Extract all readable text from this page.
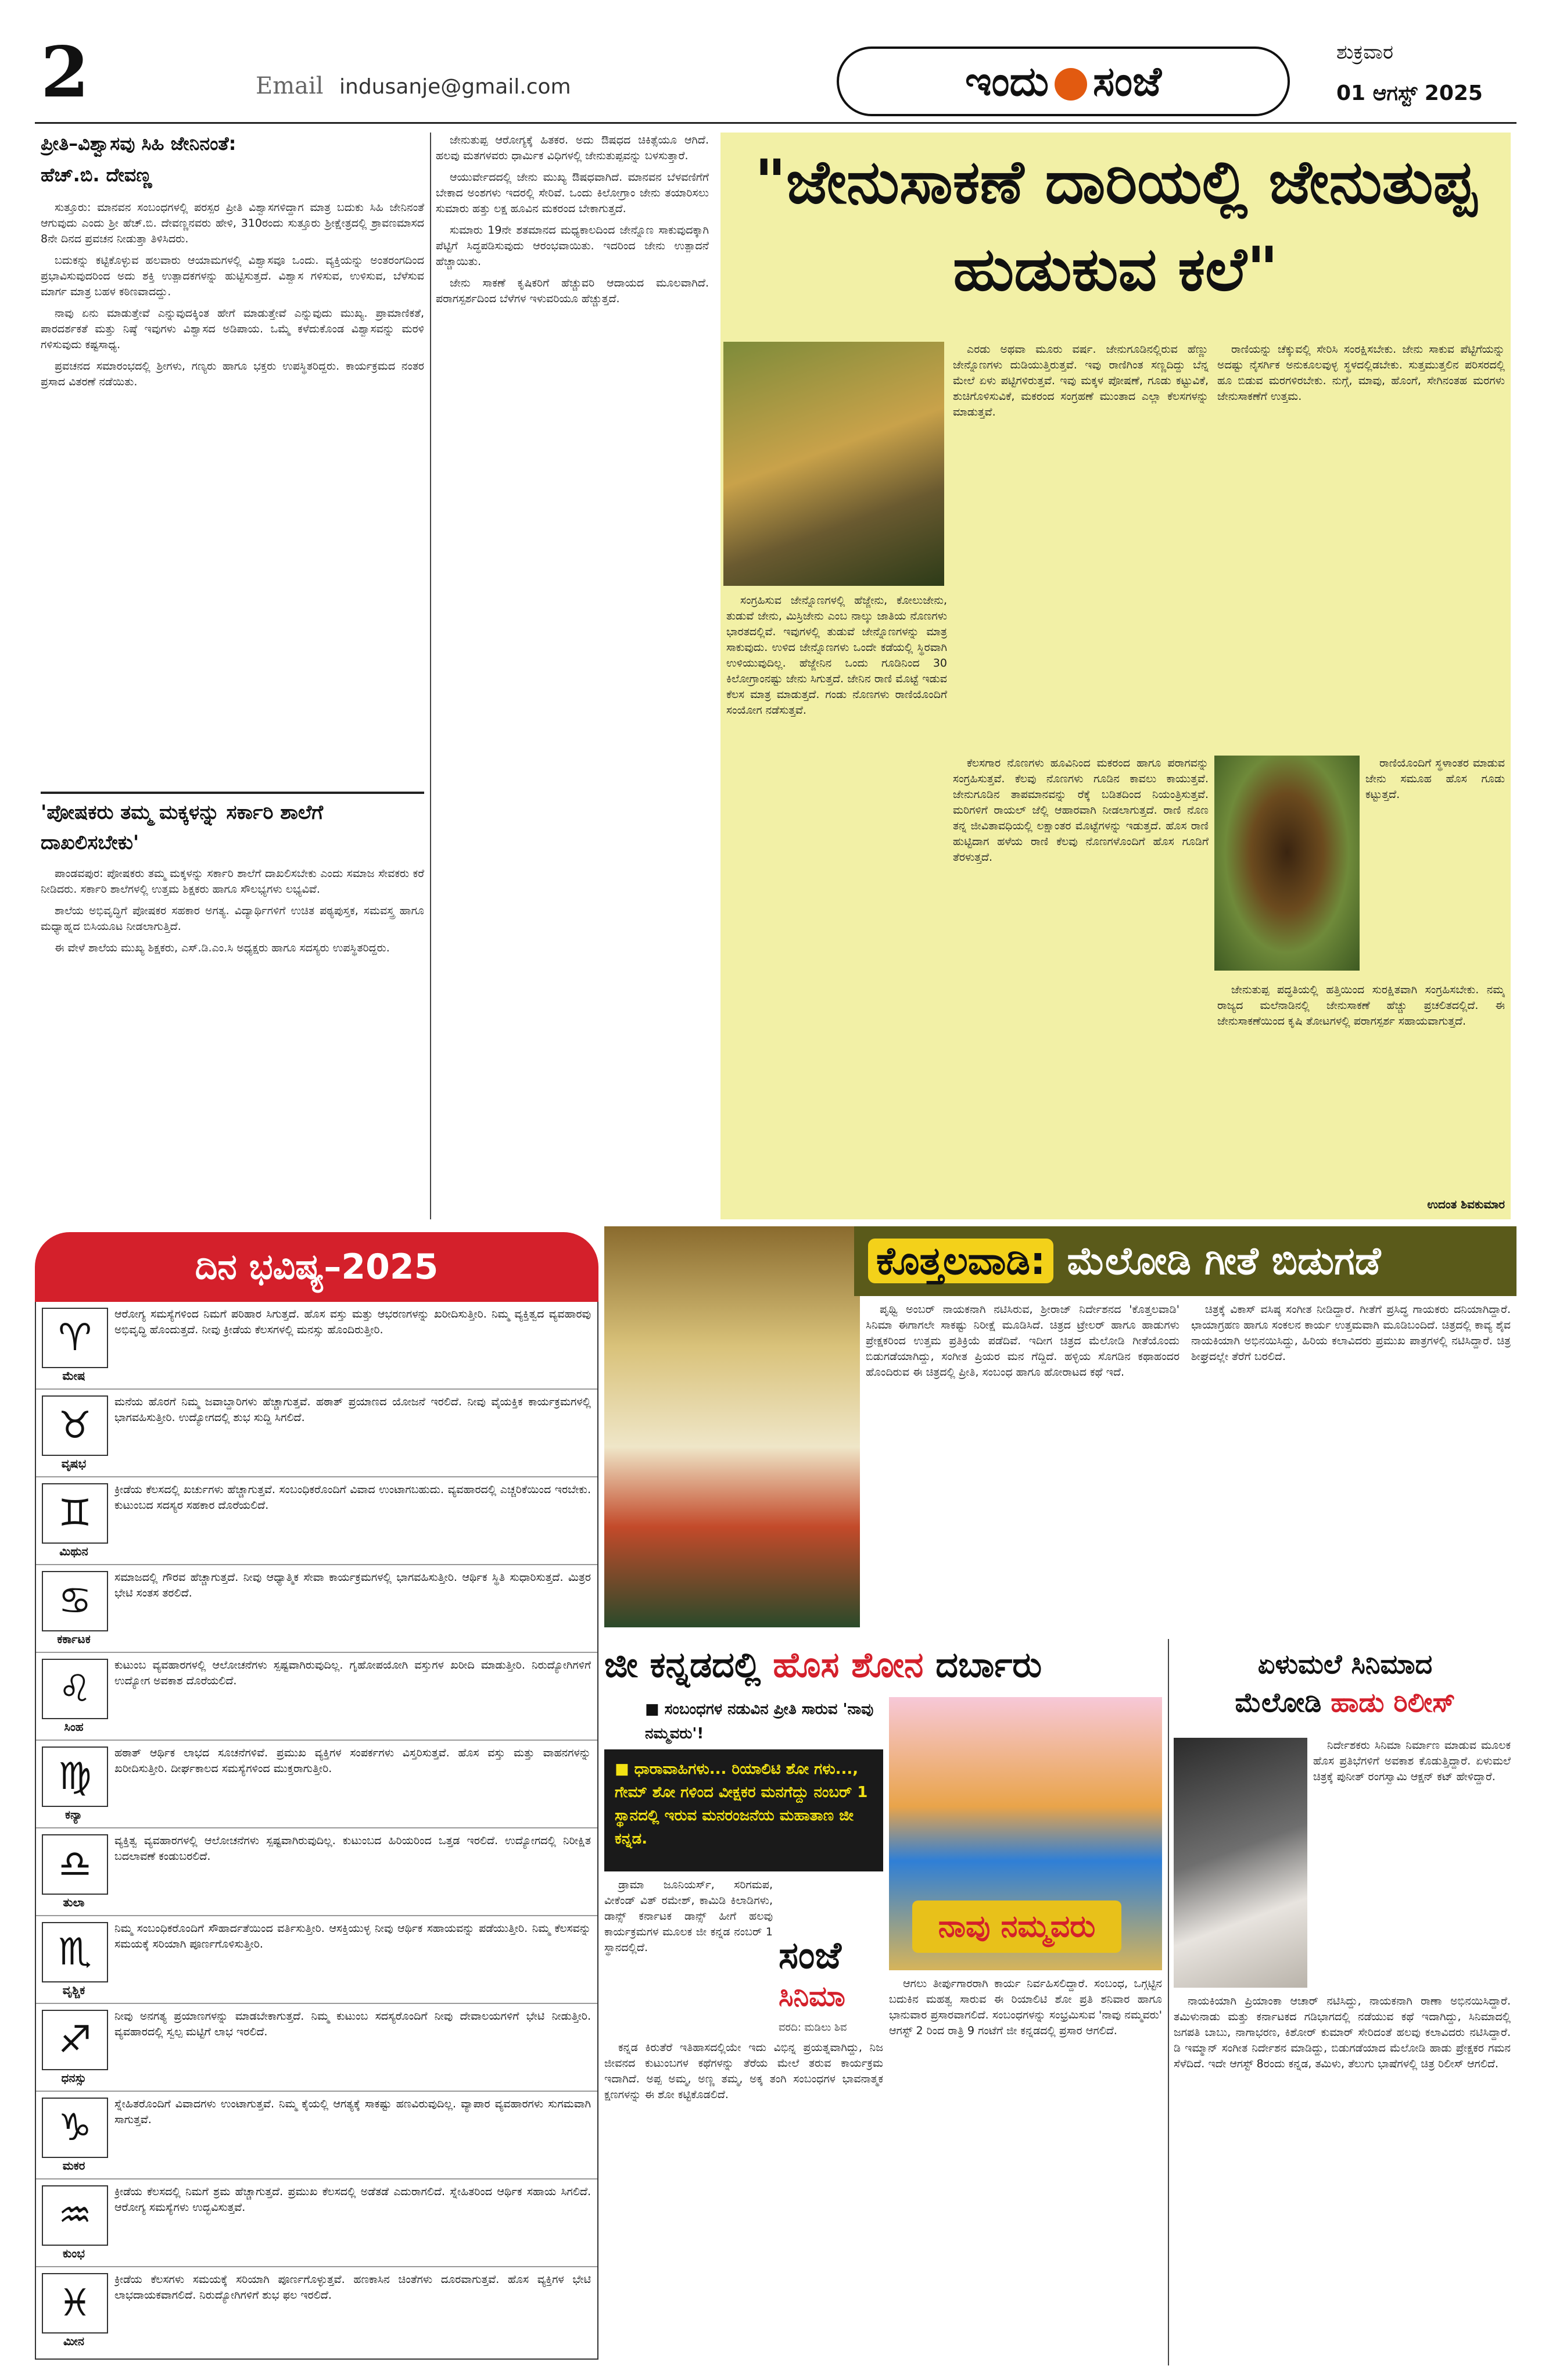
2	Email indusanje@gmail.com	ಇಂದು ಸಂಜೆ
ಶುಕ್ರವಾರ
01 ಆಗಸ್ಟ್ 2025
ಪ್ರೀತಿ–ವಿಶ್ವಾಸವು ಸಿಹಿ ಜೇನಿನಂತೆ:
ಹೆಚ್.ಬಿ. ದೇವಣ್ಣ

ಸುತ್ತೂರು: ಮಾನವನ ಸಂಬಂಧಗಳಲ್ಲಿ ಪರಸ್ಪರ ಪ್ರೀತಿ ವಿಶ್ವಾಸಗಳಿದ್ದಾಗ ಮಾತ್ರ ಬದುಕು ಸಿಹಿ ಜೇನಿನಂತೆ ಆಗುವುದು ಎಂದು ಶ್ರೀ ಹೆಚ್.ಬಿ. ದೇವಣ್ಣನವರು ಹೇಳಿ, 310ರಂದು ಸುತ್ತೂರು ಶ್ರೀಕ್ಷೇತ್ರದಲ್ಲಿ ಶ್ರಾವಣಮಾಸದ 8ನೇ ದಿನದ ಪ್ರವಚನ ನೀಡುತ್ತಾ ತಿಳಿಸಿದರು.

ಬದುಕನ್ನು ಕಟ್ಟಿಕೊಳ್ಳುವ ಹಲವಾರು ಆಯಾಮಗಳಲ್ಲಿ ವಿಶ್ವಾಸವೂ ಒಂದು. ವ್ಯಕ್ತಿಯನ್ನು ಅಂತರಂಗದಿಂದ ಪ್ರಭಾವಿಸುವುದರಿಂದ ಅದು ಶಕ್ತಿ ಉತ್ಪಾದಕಗಳನ್ನು ಹುಟ್ಟಿಸುತ್ತದೆ. ವಿಶ್ವಾಸ ಗಳಿಸುವ, ಉಳಿಸುವ, ಬೆಳೆಸುವ ಮಾರ್ಗ ಮಾತ್ರ ಬಹಳ ಕಠಿಣವಾದದ್ದು.

ನಾವು ಏನು ಮಾಡುತ್ತೇವೆ ಎನ್ನುವುದಕ್ಕಿಂತ ಹೇಗೆ ಮಾಡುತ್ತೇವೆ ಎನ್ನುವುದು ಮುಖ್ಯ. ಪ್ರಾಮಾಣಿಕತೆ, ಪಾರದರ್ಶಕತೆ ಮತ್ತು ನಿಷ್ಠೆ ಇವುಗಳು ವಿಶ್ವಾಸದ ಅಡಿಪಾಯ. ಒಮ್ಮೆ ಕಳೆದುಕೊಂಡ ವಿಶ್ವಾಸವನ್ನು ಮರಳಿ ಗಳಿಸುವುದು ಕಷ್ಟಸಾಧ್ಯ.

ಪ್ರವಚನದ ಸಮಾರಂಭದಲ್ಲಿ ಶ್ರೀಗಳು, ಗಣ್ಯರು ಹಾಗೂ ಭಕ್ತರು ಉಪಸ್ಥಿತರಿದ್ದರು. ಕಾರ್ಯಕ್ರಮದ ನಂತರ ಪ್ರಸಾದ ವಿತರಣೆ ನಡೆಯಿತು.

'ಪೋಷಕರು ತಮ್ಮ ಮಕ್ಕಳನ್ನು ಸರ್ಕಾರಿ ಶಾಲೆಗೆ ದಾಖಲಿಸಬೇಕು'

ಪಾಂಡವಪುರ: ಪೋಷಕರು ತಮ್ಮ ಮಕ್ಕಳನ್ನು ಸರ್ಕಾರಿ ಶಾಲೆಗೆ ದಾಖಲಿಸಬೇಕು ಎಂದು ಸಮಾಜ ಸೇವಕರು ಕರೆ ನೀಡಿದರು. ಸರ್ಕಾರಿ ಶಾಲೆಗಳಲ್ಲಿ ಉತ್ತಮ ಶಿಕ್ಷಕರು ಹಾಗೂ ಸೌಲಭ್ಯಗಳು ಲಭ್ಯವಿವೆ.

ಶಾಲೆಯ ಅಭಿವೃದ್ಧಿಗೆ ಪೋಷಕರ ಸಹಕಾರ ಅಗತ್ಯ. ವಿದ್ಯಾರ್ಥಿಗಳಿಗೆ ಉಚಿತ ಪಠ್ಯಪುಸ್ತಕ, ಸಮವಸ್ತ್ರ ಹಾಗೂ ಮಧ್ಯಾಹ್ನದ ಬಿಸಿಯೂಟ ನೀಡಲಾಗುತ್ತಿದೆ.

ಈ ವೇಳೆ ಶಾಲೆಯ ಮುಖ್ಯ ಶಿಕ್ಷಕರು, ಎಸ್.ಡಿ.ಎಂ.ಸಿ ಅಧ್ಯಕ್ಷರು ಹಾಗೂ ಸದಸ್ಯರು ಉಪಸ್ಥಿತರಿದ್ದರು.

ಜೇನುತುಪ್ಪ ಆರೋಗ್ಯಕ್ಕೆ ಹಿತಕರ. ಅದು ಔಷಧದ ಚಿಕಿತ್ಸೆಯೂ ಆಗಿದೆ. ಹಲವು ಮತಗಳವರು ಧಾರ್ಮಿಕ ವಿಧಿಗಳಲ್ಲಿ ಜೇನುತುಪ್ಪವನ್ನು ಬಳಸುತ್ತಾರೆ.

ಆಯುರ್ವೇದದಲ್ಲಿ ಜೇನು ಮುಖ್ಯ ಔಷಧವಾಗಿದೆ. ಮಾನವನ ಬೆಳವಣಿಗೆಗೆ ಬೇಕಾದ ಅಂಶಗಳು ಇದರಲ್ಲಿ ಸೇರಿವೆ. ಒಂದು ಕಿಲೋಗ್ರಾಂ ಜೇನು ತಯಾರಿಸಲು ಸುಮಾರು ಹತ್ತು ಲಕ್ಷ ಹೂವಿನ ಮಕರಂದ ಬೇಕಾಗುತ್ತದೆ.

ಸುಮಾರು 19ನೇ ಶತಮಾನದ ಮಧ್ಯಕಾಲದಿಂದ ಜೇನ್ನೊಣ ಸಾಕುವುದಕ್ಕಾಗಿ ಪೆಟ್ಟಿಗೆ ಸಿದ್ಧಪಡಿಸುವುದು ಆರಂಭವಾಯಿತು. ಇದರಿಂದ ಜೇನು ಉತ್ಪಾದನೆ ಹೆಚ್ಚಾಯಿತು.

ಜೇನು ಸಾಕಣೆ ಕೃಷಿಕರಿಗೆ ಹೆಚ್ಚುವರಿ ಆದಾಯದ ಮೂಲವಾಗಿದೆ. ಪರಾಗಸ್ಪರ್ಶದಿಂದ ಬೆಳೆಗಳ ಇಳುವರಿಯೂ ಹೆಚ್ಚುತ್ತದೆ.

"ಜೇನುಸಾಕಣೆ ದಾರಿಯಲ್ಲಿ ಜೇನುತುಪ್ಪ ಹುಡುಕುವ ಕಲೆ"

ಎರಡು ಅಥವಾ ಮೂರು ವರ್ಷ. ಜೇನುಗೂಡಿನಲ್ಲಿರುವ ಹೆಣ್ಣು ಜೇನ್ನೊಣಗಳು ದುಡಿಯುತ್ತಿರುತ್ತವೆ. ಇವು ರಾಣಿಗಿಂತ ಸಣ್ಣದಿದ್ದು ಬೆನ್ನ ಮೇಲೆ ಏಳು ಪಟ್ಟಿಗಳಿರುತ್ತವೆ. ಇವು ಮಕ್ಕಳ ಪೋಷಣೆ, ಗೂಡು ಕಟ್ಟುವಿಕೆ, ಶುಚಿಗೊಳಿಸುವಿಕೆ, ಮಕರಂದ ಸಂಗ್ರಹಣೆ ಮುಂತಾದ ಎಲ್ಲಾ ಕೆಲಸಗಳನ್ನು ಮಾಡುತ್ತವೆ.

ಸಂಗ್ರಹಿಸುವ ಜೇನ್ನೊಣಗಳಲ್ಲಿ ಹೆಜ್ಜೇನು, ಕೋಲುಜೇನು, ತುಡುವೆ ಜೇನು, ಮಿಸ್ರಿಜೇನು ಎಂಬ ನಾಲ್ಕು ಜಾತಿಯ ನೊಣಗಳು ಭಾರತದಲ್ಲಿವೆ. ಇವುಗಳಲ್ಲಿ ತುಡುವೆ ಜೇನ್ನೊಣಗಳನ್ನು ಮಾತ್ರ ಸಾಕುವುದು. ಉಳಿದ ಜೇನ್ನೊಣಗಳು ಒಂದೇ ಕಡೆಯಲ್ಲಿ ಸ್ಥಿರವಾಗಿ ಉಳಿಯುವುದಿಲ್ಲ. ಹೆಜ್ಜೇನಿನ ಒಂದು ಗೂಡಿನಿಂದ 30 ಕಿಲೋಗ್ರಾಂನಷ್ಟು ಜೇನು ಸಿಗುತ್ತದೆ. ಜೇನಿನ ರಾಣಿ ಮೊಟ್ಟೆ ಇಡುವ ಕೆಲಸ ಮಾತ್ರ ಮಾಡುತ್ತದೆ. ಗಂಡು ನೊಣಗಳು ರಾಣಿಯೊಂದಿಗೆ ಸಂಯೋಗ ನಡೆಸುತ್ತವೆ.

ಕೆಲಸಗಾರ ನೊಣಗಳು ಹೂವಿನಿಂದ ಮಕರಂದ ಹಾಗೂ ಪರಾಗವನ್ನು ಸಂಗ್ರಹಿಸುತ್ತವೆ. ಕೆಲವು ನೊಣಗಳು ಗೂಡಿನ ಕಾವಲು ಕಾಯುತ್ತವೆ. ಜೇನುಗೂಡಿನ ತಾಪಮಾನವನ್ನು ರೆಕ್ಕೆ ಬಡಿತದಿಂದ ನಿಯಂತ್ರಿಸುತ್ತವೆ. ಮರಿಗಳಿಗೆ ರಾಯಲ್ ಜೆಲ್ಲಿ ಆಹಾರವಾಗಿ ನೀಡಲಾಗುತ್ತದೆ. ರಾಣಿ ನೊಣ ತನ್ನ ಜೀವಿತಾವಧಿಯಲ್ಲಿ ಲಕ್ಷಾಂತರ ಮೊಟ್ಟೆಗಳನ್ನು ಇಡುತ್ತದೆ. ಹೊಸ ರಾಣಿ ಹುಟ್ಟಿದಾಗ ಹಳೆಯ ರಾಣಿ ಕೆಲವು ನೊಣಗಳೊಂದಿಗೆ ಹೊಸ ಗೂಡಿಗೆ ತೆರಳುತ್ತದೆ.

ರಾಣಿಯನ್ನು ಚೆಕ್ಕುವಲ್ಲಿ ಸೇರಿಸಿ ಸಂರಕ್ಷಿಸಬೇಕು. ಜೇನು ಸಾಕುವ ಪೆಟ್ಟಿಗೆಯನ್ನು ಅದಷ್ಟು ನೈಸರ್ಗಿಕ ಅನುಕೂಲವುಳ್ಳ ಸ್ಥಳದಲ್ಲಿಡಬೇಕು. ಸುತ್ತಮುತ್ತಲಿನ ಪರಿಸರದಲ್ಲಿ ಹೂ ಬಿಡುವ ಮರಗಳಿರಬೇಕು. ನುಗ್ಗೆ, ಮಾವು, ಹೊಂಗೆ, ಸೇಗಿನಂತಹ ಮರಗಳು ಜೇನುಸಾಕಣೆಗೆ ಉತ್ತಮ.

ರಾಣಿಯೊಂದಿಗೆ ಸ್ಥಳಾಂತರ ಮಾಡುವ ಜೇನು ಸಮೂಹ ಹೊಸ ಗೂಡು ಕಟ್ಟುತ್ತದೆ.

ಜೇನುತುಪ್ಪ ಪದ್ಧತಿಯಲ್ಲಿ ಹತ್ತಿಯಿಂದ ಸುರಕ್ಷಿತವಾಗಿ ಸಂಗ್ರಹಿಸಬೇಕು. ನಮ್ಮ ರಾಜ್ಯದ ಮಲೆನಾಡಿನಲ್ಲಿ ಜೇನುಸಾಕಣೆ ಹೆಚ್ಚು ಪ್ರಚಲಿತದಲ್ಲಿದೆ. ಈ ಜೇನುಸಾಕಣೆಯಿಂದ ಕೃಷಿ ತೋಟಗಳಲ್ಲಿ ಪರಾಗಸ್ಪರ್ಶ ಸಹಾಯವಾಗುತ್ತದೆ.

ಉದಂತ ಶಿವಕುಮಾರ
ದಿನ ಭವಿಷ್ಯ–2025
♈
ಮೇಷ
ಆರೋಗ್ಯ ಸಮಸ್ಯೆಗಳಿಂದ ನಿಮಗೆ ಪರಿಹಾರ ಸಿಗುತ್ತದೆ. ಹೊಸ ವಸ್ತು ಮತ್ತು ಆಭರಣಗಳನ್ನು ಖರೀದಿಸುತ್ತೀರಿ. ನಿಮ್ಮ ವ್ಯಕ್ತಿತ್ವದ ವ್ಯವಹಾರವು ಅಭಿವೃದ್ಧಿ ಹೊಂದುತ್ತದೆ. ನೀವು ಕ್ರೀಡೆಯ ಕೆಲಸಗಳಲ್ಲಿ ಮನಸ್ಸು ಹೊಂದಿರುತ್ತೀರಿ.
♉
ವೃಷಭ
ಮನೆಯ ಹೊರಗೆ ನಿಮ್ಮ ಜವಾಬ್ದಾರಿಗಳು ಹೆಚ್ಚಾಗುತ್ತವೆ. ಹಠಾತ್ ಪ್ರಯಾಣದ ಯೋಜನೆ ಇರಲಿದೆ. ನೀವು ವೈಯಕ್ತಿಕ ಕಾರ್ಯಕ್ರಮಗಳಲ್ಲಿ ಭಾಗವಹಿಸುತ್ತೀರಿ. ಉದ್ಯೋಗದಲ್ಲಿ ಶುಭ ಸುದ್ದಿ ಸಿಗಲಿದೆ.
♊
ಮಿಥುನ
ಕ್ರೀಡೆಯ ಕೆಲಸದಲ್ಲಿ ಖರ್ಚುಗಳು ಹೆಚ್ಚಾಗುತ್ತವೆ. ಸಂಬಂಧಿಕರೊಂದಿಗೆ ವಿವಾದ ಉಂಟಾಗಬಹುದು. ವ್ಯವಹಾರದಲ್ಲಿ ಎಚ್ಚರಿಕೆಯಿಂದ ಇರಬೇಕು. ಕುಟುಂಬದ ಸದಸ್ಯರ ಸಹಕಾರ ದೊರೆಯಲಿದೆ.
♋
ಕರ್ಕಾಟಕ
ಸಮಾಜದಲ್ಲಿ ಗೌರವ ಹೆಚ್ಚಾಗುತ್ತದೆ. ನೀವು ಆಧ್ಯಾತ್ಮಿಕ ಸೇವಾ ಕಾರ್ಯಕ್ರಮಗಳಲ್ಲಿ ಭಾಗವಹಿಸುತ್ತೀರಿ. ಆರ್ಥಿಕ ಸ್ಥಿತಿ ಸುಧಾರಿಸುತ್ತದೆ. ಮಿತ್ರರ ಭೇಟಿ ಸಂತಸ ತರಲಿದೆ.
♌
ಸಿಂಹ
ಕುಟುಂಬ ವ್ಯವಹಾರಗಳಲ್ಲಿ ಆಲೋಚನೆಗಳು ಸ್ಪಷ್ಟವಾಗಿರುವುದಿಲ್ಲ. ಗೃಹೋಪಯೋಗಿ ವಸ್ತುಗಳ ಖರೀದಿ ಮಾಡುತ್ತೀರಿ. ನಿರುದ್ಯೋಗಿಗಳಿಗೆ ಉದ್ಯೋಗ ಅವಕಾಶ ದೊರೆಯಲಿದೆ.
♍
ಕನ್ಯಾ
ಹಠಾತ್ ಆರ್ಥಿಕ ಲಾಭದ ಸೂಚನೆಗಳಿವೆ. ಪ್ರಮುಖ ವ್ಯಕ್ತಿಗಳ ಸಂಪರ್ಕಗಳು ವಿಸ್ತರಿಸುತ್ತವೆ. ಹೊಸ ವಸ್ತು ಮತ್ತು ವಾಹನಗಳನ್ನು ಖರೀದಿಸುತ್ತೀರಿ. ದೀರ್ಘಕಾಲದ ಸಮಸ್ಯೆಗಳಿಂದ ಮುಕ್ತರಾಗುತ್ತೀರಿ.
♎
ತುಲಾ
ವ್ಯಕ್ತಿತ್ವ ವ್ಯವಹಾರಗಳಲ್ಲಿ ಆಲೋಚನೆಗಳು ಸ್ಪಷ್ಟವಾಗಿರುವುದಿಲ್ಲ. ಕುಟುಂಬದ ಹಿರಿಯರಿಂದ ಒತ್ತಡ ಇರಲಿದೆ. ಉದ್ಯೋಗದಲ್ಲಿ ನಿರೀಕ್ಷಿತ ಬದಲಾವಣೆ ಕಂಡುಬರಲಿದೆ.
♏
ವೃಶ್ಚಿಕ
ನಿಮ್ಮ ಸಂಬಂಧಿಕರೊಂದಿಗೆ ಸೌಹಾರ್ದತೆಯಿಂದ ವರ್ತಿಸುತ್ತೀರಿ. ಆಸಕ್ತಿಯುಳ್ಳ ನೀವು ಆರ್ಥಿಕ ಸಹಾಯವನ್ನು ಪಡೆಯುತ್ತೀರಿ. ನಿಮ್ಮ ಕೆಲಸವನ್ನು ಸಮಯಕ್ಕೆ ಸರಿಯಾಗಿ ಪೂರ್ಣಗೊಳಿಸುತ್ತೀರಿ.
♐
ಧನಸ್ಸು
ನೀವು ಅನಗತ್ಯ ಪ್ರಯಾಣಗಳನ್ನು ಮಾಡಬೇಕಾಗುತ್ತದೆ. ನಿಮ್ಮ ಕುಟುಂಬ ಸದಸ್ಯರೊಂದಿಗೆ ನೀವು ದೇವಾಲಯಗಳಿಗೆ ಭೇಟಿ ನೀಡುತ್ತೀರಿ. ವ್ಯವಹಾರದಲ್ಲಿ ಸ್ವಲ್ಪ ಮಟ್ಟಿಗೆ ಲಾಭ ಇರಲಿದೆ.
♑
ಮಕರ
ಸ್ನೇಹಿತರೊಂದಿಗೆ ವಿವಾದಗಳು ಉಂಟಾಗುತ್ತವೆ. ನಿಮ್ಮ ಕೈಯಲ್ಲಿ ಆಗತ್ಯಕ್ಕೆ ಸಾಕಷ್ಟು ಹಣವಿರುವುದಿಲ್ಲ. ವ್ಯಾಪಾರ ವ್ಯವಹಾರಗಳು ಸುಗಮವಾಗಿ ಸಾಗುತ್ತವೆ.
♒
ಕುಂಭ
ಕ್ರೀಡೆಯ ಕೆಲಸದಲ್ಲಿ ನಿಮಗೆ ಶ್ರಮ ಹೆಚ್ಚಾಗುತ್ತದೆ. ಪ್ರಮುಖ ಕೆಲಸದಲ್ಲಿ ಅಡೆತಡೆ ಎದುರಾಗಲಿದೆ. ಸ್ನೇಹಿತರಿಂದ ಆರ್ಥಿಕ ಸಹಾಯ ಸಿಗಲಿದೆ. ಆರೋಗ್ಯ ಸಮಸ್ಯೆಗಳು ಉದ್ಭವಿಸುತ್ತವೆ.
♓
ಮೀನ
ಕ್ರೀಡೆಯ ಕೆಲಸಗಳು ಸಮಯಕ್ಕೆ ಸರಿಯಾಗಿ ಪೂರ್ಣಗೊಳ್ಳುತ್ತವೆ. ಹಣಕಾಸಿನ ಚಿಂತೆಗಳು ದೂರವಾಗುತ್ತವೆ. ಹೊಸ ವ್ಯಕ್ತಿಗಳ ಭೇಟಿ ಲಾಭದಾಯಕವಾಗಲಿದೆ. ನಿರುದ್ಯೋಗಿಗಳಿಗೆ ಶುಭ ಫಲ ಇರಲಿದೆ.
ಕೊತ್ತಲವಾಡಿ: ಮೆಲೋಡಿ ಗೀತೆ ಬಿಡುಗಡೆ

ಪೃಥ್ವಿ ಅಂಬರ್ ನಾಯಕನಾಗಿ ನಟಿಸಿರುವ, ಶ್ರೀರಾಜ್ ನಿರ್ದೇಶನದ 'ಕೊತ್ತಲವಾಡಿ' ಸಿನಿಮಾ ಈಗಾಗಲೇ ಸಾಕಷ್ಟು ನಿರೀಕ್ಷೆ ಮೂಡಿಸಿದೆ. ಚಿತ್ರದ ಟ್ರೇಲರ್ ಹಾಗೂ ಹಾಡುಗಳು ಪ್ರೇಕ್ಷಕರಿಂದ ಉತ್ತಮ ಪ್ರತಿಕ್ರಿಯೆ ಪಡೆದಿವೆ. ಇದೀಗ ಚಿತ್ರದ ಮೆಲೋಡಿ ಗೀತೆಯೊಂದು ಬಿಡುಗಡೆಯಾಗಿದ್ದು, ಸಂಗೀತ ಪ್ರಿಯರ ಮನ ಗೆದ್ದಿದೆ. ಹಳ್ಳಿಯ ಸೊಗಡಿನ ಕಥಾಹಂದರ ಹೊಂದಿರುವ ಈ ಚಿತ್ರದಲ್ಲಿ ಪ್ರೀತಿ, ಸಂಬಂಧ ಹಾಗೂ ಹೋರಾಟದ ಕಥೆ ಇದೆ.

ಚಿತ್ರಕ್ಕೆ ವಿಕಾಸ್ ವಸಿಷ್ಠ ಸಂಗೀತ ನೀಡಿದ್ದಾರೆ. ಗೀತೆಗೆ ಪ್ರಸಿದ್ಧ ಗಾಯಕರು ದನಿಯಾಗಿದ್ದಾರೆ. ಛಾಯಾಗ್ರಹಣ ಹಾಗೂ ಸಂಕಲನ ಕಾರ್ಯ ಉತ್ತಮವಾಗಿ ಮೂಡಿಬಂದಿದೆ. ಚಿತ್ರದಲ್ಲಿ ಕಾವ್ಯ ಶೈವ ನಾಯಕಿಯಾಗಿ ಅಭಿನಯಿಸಿದ್ದು, ಹಿರಿಯ ಕಲಾವಿದರು ಪ್ರಮುಖ ಪಾತ್ರಗಳಲ್ಲಿ ನಟಿಸಿದ್ದಾರೆ. ಚಿತ್ರ ಶೀಘ್ರದಲ್ಲೇ ತೆರೆಗೆ ಬರಲಿದೆ.

ಜೀ ಕನ್ನಡದಲ್ಲಿ ಹೊಸ ಶೋನ ದರ್ಬಾರು
■ ಸಂಬಂಧಗಳ ನಡುವಿನ ಪ್ರೀತಿ ಸಾರುವ 'ನಾವು ನಮ್ಮವರು'!
■ ಧಾರಾವಾಹಿಗಳು... ರಿಯಾಲಿಟಿ ಶೋ ಗಳು..., ಗೇಮ್ ಶೋ ಗಳಿಂದ ವೀಕ್ಷಕರ ಮನಗೆದ್ದು ನಂಬರ್ 1 ಸ್ಥಾನದಲ್ಲಿ ಇರುವ ಮನರಂಜನೆಯ ಮಹಾತಾಣ ಜೀ ಕನ್ನಡ.
ನಾವು ನಮ್ಮವರು
ಸಂಜೆ
ಸಿನಿಮಾ
ವರದಿ: ಮಡಿಲು ಶಿವ

ಡ್ರಾಮಾ ಜೂನಿಯರ್ಸ್, ಸರಿಗಮಪ, ವೀಕೆಂಡ್ ವಿತ್ ರಮೇಶ್, ಕಾಮಿಡಿ ಕಿಲಾಡಿಗಳು, ಡಾನ್ಸ್ ಕರ್ನಾಟಕ ಡಾನ್ಸ್ ಹೀಗೆ ಹಲವು ಕಾರ್ಯಕ್ರಮಗಳ ಮೂಲಕ ಜೀ ಕನ್ನಡ ನಂಬರ್ 1 ಸ್ಥಾನದಲ್ಲಿದೆ.

ಕನ್ನಡ ಕಿರುತೆರೆ ಇತಿಹಾಸದಲ್ಲಿಯೇ ಇದು ವಿಭಿನ್ನ ಪ್ರಯತ್ನವಾಗಿದ್ದು, ನಿಜ ಜೀವನದ ಕುಟುಂಬಗಳ ಕಥೆಗಳನ್ನು ತೆರೆಯ ಮೇಲೆ ತರುವ ಕಾರ್ಯಕ್ರಮ ಇದಾಗಿದೆ. ಅಪ್ಪ ಅಮ್ಮ, ಅಣ್ಣ ತಮ್ಮ, ಅಕ್ಕ ತಂಗಿ ಸಂಬಂಧಗಳ ಭಾವನಾತ್ಮಕ ಕ್ಷಣಗಳನ್ನು ಈ ಶೋ ಕಟ್ಟಿಕೊಡಲಿದೆ.

ಆಗಲು ತೀರ್ಪುಗಾರರಾಗಿ ಕಾರ್ಯ ನಿರ್ವಹಿಸಲಿದ್ದಾರೆ. ಸಂಬಂಧ, ಒಗ್ಗಟ್ಟಿನ ಬದುಕಿನ ಮಹತ್ವ ಸಾರುವ ಈ ರಿಯಾಲಿಟಿ ಶೋ ಪ್ರತಿ ಶನಿವಾರ ಹಾಗೂ ಭಾನುವಾರ ಪ್ರಸಾರವಾಗಲಿದೆ. ಸಂಬಂಧಗಳನ್ನು ಸಂಭ್ರಮಿಸುವ 'ನಾವು ನಮ್ಮವರು' ಆಗಸ್ಟ್ 2 ರಿಂದ ರಾತ್ರಿ 9 ಗಂಟೆಗೆ ಜೀ ಕನ್ನಡದಲ್ಲಿ ಪ್ರಸಾರ ಆಗಲಿದೆ.

ಏಳುಮಲೆ ಸಿನಿಮಾದ
ಮೆಲೋಡಿ ಹಾಡು ರಿಲೀಸ್

ನಿರ್ದೇಶಕರು ಸಿನಿಮಾ ನಿರ್ಮಾಣ ಮಾಡುವ ಮೂಲಕ ಹೊಸ ಪ್ರತಿಭೆಗಳಿಗೆ ಅವಕಾಶ ಕೊಡುತ್ತಿದ್ದಾರೆ. ಏಳುಮಲೆ ಚಿತ್ರಕ್ಕೆ ಪುನೀತ್ ರಂಗಸ್ವಾಮಿ ಆಕ್ಷನ್ ಕಟ್ ಹೇಳಿದ್ದಾರೆ.

ನಾಯಕಿಯಾಗಿ ಪ್ರಿಯಾಂಕಾ ಆಚಾರ್ ನಟಿಸಿದ್ದು, ನಾಯಕನಾಗಿ ರಾಣಾ ಅಭಿನಯಿಸಿದ್ದಾರೆ. ತಮಿಳುನಾಡು ಮತ್ತು ಕರ್ನಾಟಕದ ಗಡಿಭಾಗದಲ್ಲಿ ನಡೆಯುವ ಕಥೆ ಇದಾಗಿದ್ದು, ಸಿನಿಮಾದಲ್ಲಿ ಜಗಪತಿ ಬಾಬು, ನಾಗಾಭರಣ, ಕಿಶೋರ್ ಕುಮಾರ್ ಸೇರಿದಂತೆ ಹಲವು ಕಲಾವಿದರು ನಟಿಸಿದ್ದಾರೆ. ಡಿ ಇಮ್ಮಾನ್ ಸಂಗೀತ ನಿರ್ದೇಶನ ಮಾಡಿದ್ದು, ಬಿಡುಗಡೆಯಾದ ಮೆಲೋಡಿ ಹಾಡು ಪ್ರೇಕ್ಷಕರ ಗಮನ ಸೆಳೆದಿದೆ. ಇದೇ ಆಗಸ್ಟ್ 8ರಂದು ಕನ್ನಡ, ತಮಿಳು, ತೆಲುಗು ಭಾಷೆಗಳಲ್ಲಿ ಚಿತ್ರ ರಿಲೀಸ್ ಆಗಲಿದೆ.
